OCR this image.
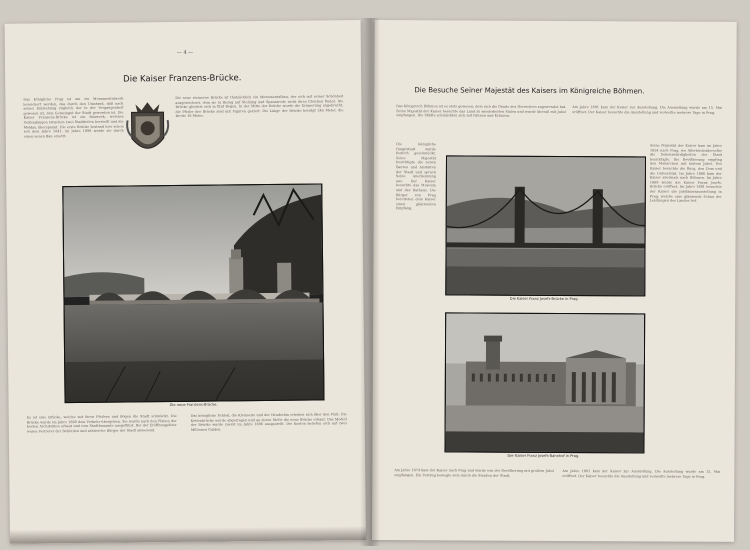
— 4 —
Die Kaiser Franzens-Brücke.
Das königliche Prag ist um ein Monumentalwerk bereichert worden, das durch den Umstand, daß nach seiner Entstehung zugleich der in der Vergangenheit gewesen ist, zum Gemeingut der Stadt geworden ist. Die Kaiser Franzens-Brücke ist ein Bauwerk, welches Verbindungen zwischen zwei Stadtteilen herstellt und die Moldau überspannt. Die erste Brücke bestand hier schon seit dem Jahre 1841, im Jahre 1898 wurde sie durch einen neuen Bau ersetzt.
Die neue steinerne Brücke ist thatsächlich ein Monumentalbau, der sich mit seiner Schönheit ausgezeichnet, dem sie in Bezug auf Stellung und Spannweite nicht ihres Gleichen findet. Die Brücke gliedert sich in fünf Bogen. In der Mitte der Brücke wurde die Erinnerung angebracht, die Pfeiler der Brücke sind mit Figuren geziert. Die Länge der Brücke beträgt 245 Meter, die Breite 16 Meter.
Die neue Franzens-Brücke.
Es ist eine Brücke, welche mit ihren Pfeilern und Bögen die Stadt schmückt. Die Brücke wurde im Jahre 1898 dem Verkehr übergeben. Sie wurde nach den Plänen der besten Architekten erbaut und vom Stadtbauamte ausgeführt. Bei der Eröffnungsfeier waren Vertreter der Behörden und zahlreiche Bürger der Stadt anwesend.
Das königliche Schloß, die Kleinseite und der Hradschin erheben sich über den Fluß. Die Kettenbrücke wurde abgetragen und an deren Stelle die neue Brücke erbaut. Das Modell der Brücke wurde zuerst im Jahre 1896 ausgestellt. Die Kosten beliefen sich auf zwei Millionen Gulden.
Die Besuche Seiner Majestät des Kaisers im Königreiche Böhmen.
Das Königreich Böhmen ist es stets gewesen, dem sich die Gnade des Herrschers zugewendet hat. Seine Majestät der Kaiser besuchte das Land zu wiederholten Malen und wurde überall mit Jubel empfangen. Die Städte schmückten sich mit Fahnen und Kränzen.
Am Jahre 1891 kam der Kaiser zur Ausstellung. Die Ausstellung wurde am 15. Mai eröffnet. Der Kaiser besuchte die Ausstellung und verweilte mehrere Tage in Prag.
Die königliche Hauptstadt wurde festlich geschmückt. Seine Majestät besichtigte die neuen Bauten und Anstalten der Stadt und sprach Seine Anerkennung aus. Der Kaiser besuchte das Museum und das Rathaus. Die Bürger von Prag bereiteten dem Kaiser einen glänzenden Empfang.
Die Kaiser Franz Josefs-Brücke in Prag.
Der Kaiser Franz Josefs-Bahnhof in Prag.
Seine Majestät der Kaiser kam im Jahre 1854 nach Prag, wo Allerhöchstderselbe die Sehenswürdigkeiten der Stadt besichtigte. Die Bevölkerung empfing den Monarchen mit lautem Jubel. Der Kaiser besuchte die Burg, den Dom und die Universität. Im Jahre 1866 kam der Kaiser abermals nach Böhmen. Im Jahre 1868 wurde die Kaiser Franz Josefs-Brücke eröffnet. Im Jahre 1891 besuchte der Kaiser die Jubiläumsausstellung in Prag, welche eine glänzende Schau der Leistungen des Landes bot.
Am Jahre 1874 kam der Kaiser nach Prag und wurde von der Bevölkerung mit großem Jubel empfangen. Ein Festzug bewegte sich durch die Straßen der Stadt.
Am Jahre 1891 kam der Kaiser zur Ausstellung. Die Ausstellung wurde am 15. Mai eröffnet. Der Kaiser besuchte die Ausstellung und verweilte mehrere Tage in Prag.
